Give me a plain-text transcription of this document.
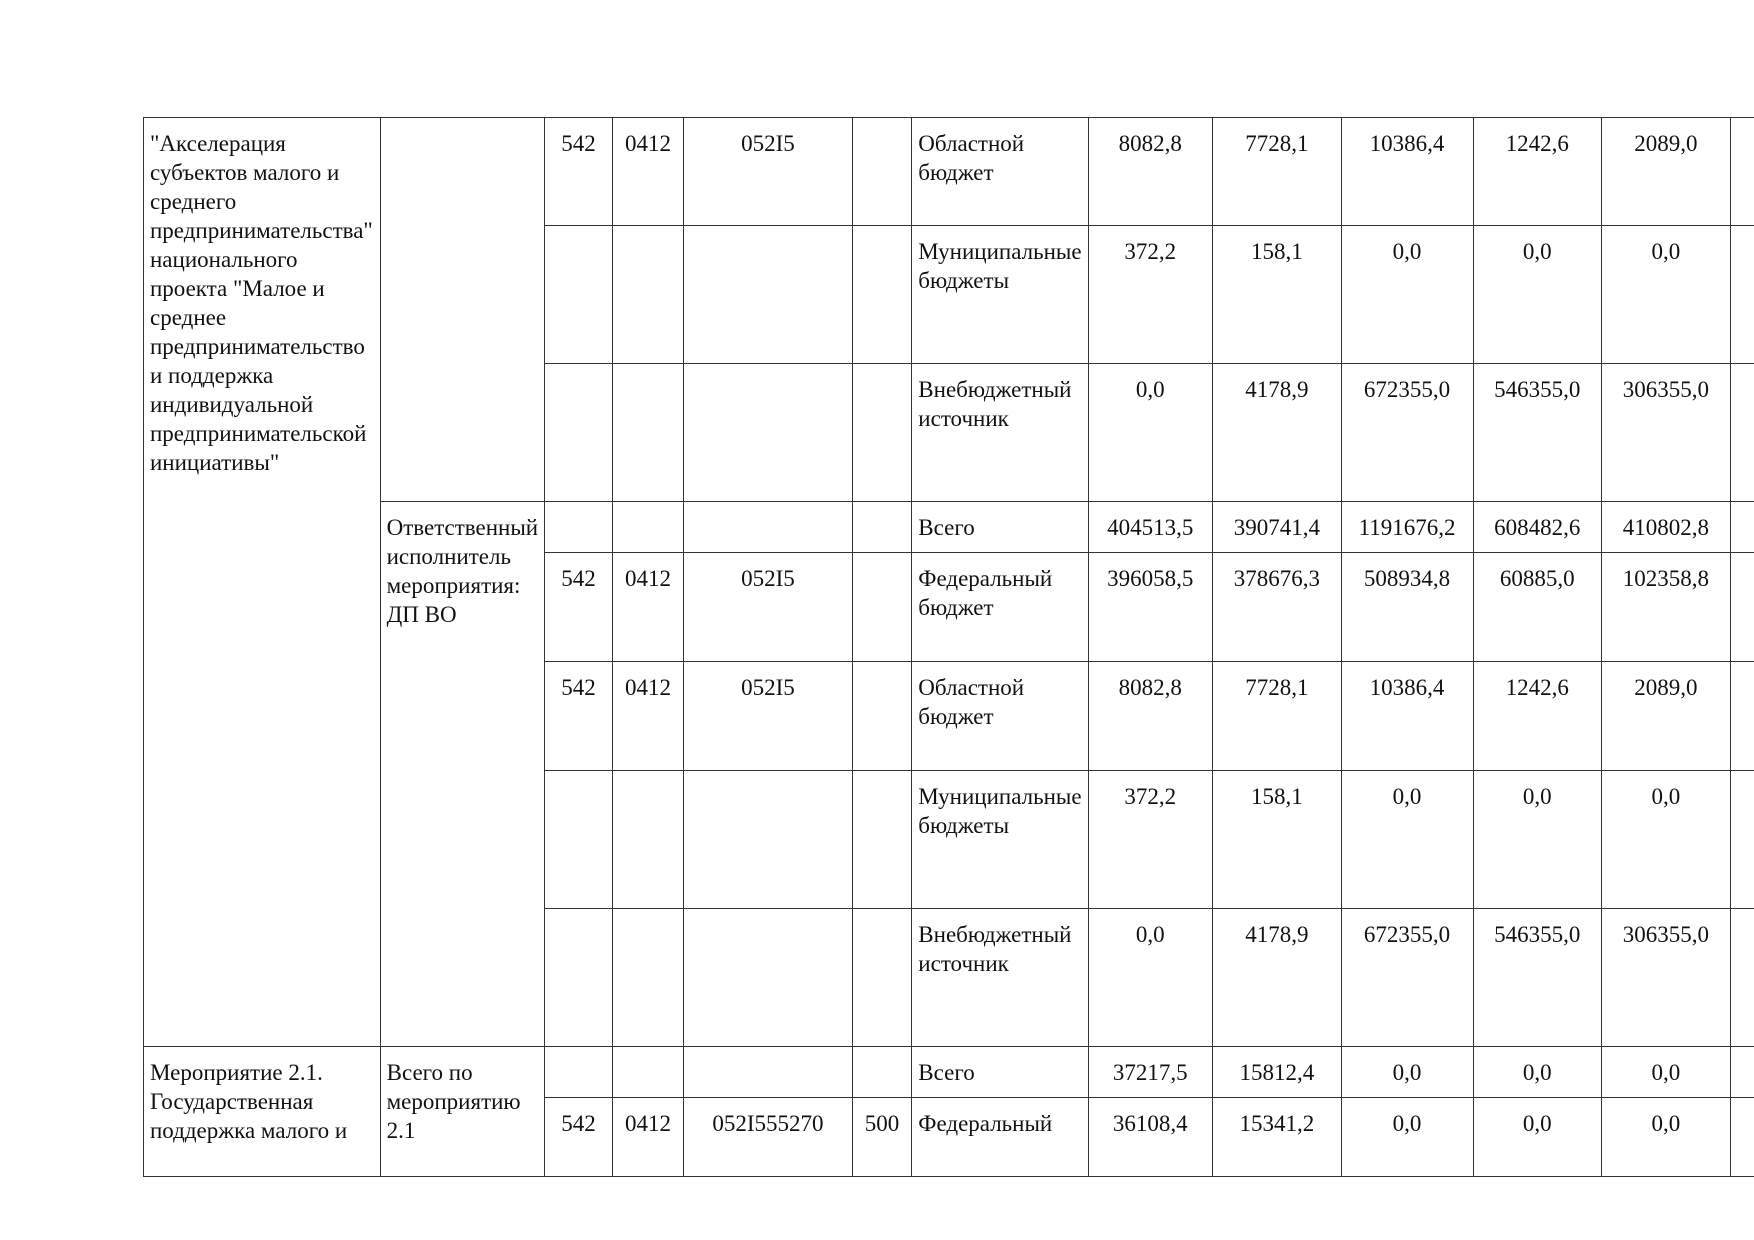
"Акселерация субъектов малого и среднего предпринимательства" национального проекта "Малое и среднее предпринимательство и поддержка индивидуальной предпринимательской инициативы"		542	0412	052I5		Областной бюджет	8082,8	7728,1	10386,4	1242,6	2089,0	
						Муниципальные бюджеты	372,2	158,1	0,0	0,0	0,0	
						Внебюджетный источник	0,0	4178,9	672355,0	546355,0	306355,0	
	Ответственный исполнитель мероприятия: ДП ВО					Всего	404513,5	390741,4	1191676,2	608482,6	410802,8	
		542	0412	052I5		Федеральный бюджет	396058,5	378676,3	508934,8	60885,0	102358,8	
		542	0412	052I5		Областной бюджет	8082,8	7728,1	10386,4	1242,6	2089,0	
						Муниципальные бюджеты	372,2	158,1	0,0	0,0	0,0	
						Внебюджетный источник	0,0	4178,9	672355,0	546355,0	306355,0	
Мероприятие 2.1. Государственная поддержка малого и	Всего по мероприятию 2.1					Всего	37217,5	15812,4	0,0	0,0	0,0	
		542	0412	052I555270	500	Федеральный	36108,4	15341,2	0,0	0,0	0,0	
